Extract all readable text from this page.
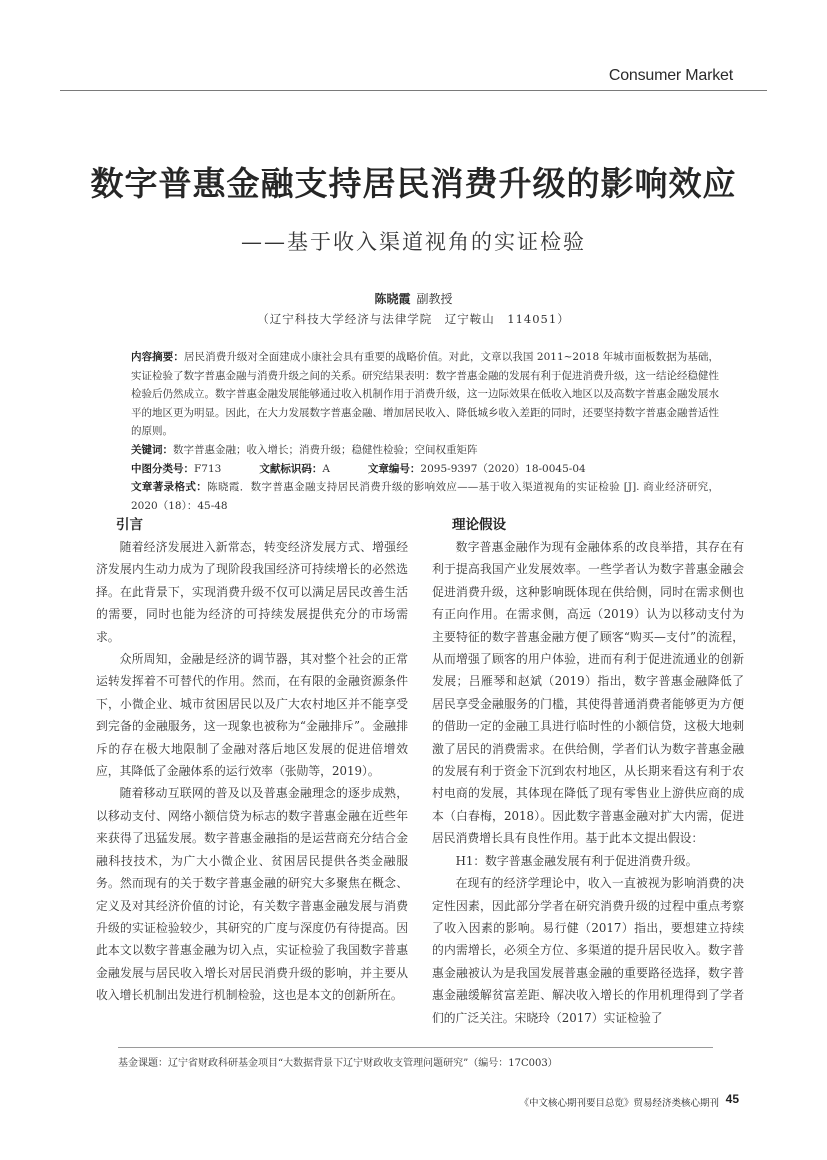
Consumer Market
数字普惠金融支持居民消费升级的影响效应
——基于收入渠道视角的实证检验
陈晓霞 副教授
（辽宁科技大学经济与法律学院　辽宁鞍山　114051）

内容摘要：居民消费升级对全面建成小康社会具有重要的战略价值。对此，文章以我国 2011~2018 年城市面板数据为基础，实证检验了数字普惠金融与消费升级之间的关系。研究结果表明：数字普惠金融的发展有利于促进消费升级，这一结论经稳健性检验后仍然成立。数字普惠金融发展能够通过收入机制作用于消费升级，这一边际效果在低收入地区以及高数字普惠金融发展水平的地区更为明显。因此，在大力发展数字普惠金融、增加居民收入、降低城乡收入差距的同时，还要坚持数字普惠金融普适性的原则。

关键词：数字普惠金融；收入增长；消费升级；稳健性检验；空间权重矩阵

中图分类号：F713	文献标识码：A	文章编号：2095-9397（2020）18-0045-04

文章著录格式：陈晓霞．数字普惠金融支持居民消费升级的影响效应——基于收入渠道视角的实证检验 [J]. 商业经济研究，2020（18）：45-48

引言

随着经济发展进入新常态，转变经济发展方式、增强经济发展内生动力成为了现阶段我国经济可持续增长的必然选择。在此背景下，实现消费升级不仅可以满足居民改善生活的需要，同时也能为经济的可持续发展提供充分的市场需求。

众所周知，金融是经济的调节器，其对整个社会的正常运转发挥着不可替代的作用。然而，在有限的金融资源条件下，小微企业、城市贫困居民以及广大农村地区并不能享受到完备的金融服务，这一现象也被称为“金融排斥”。金融排斥的存在极大地限制了金融对落后地区发展的促进倍增效应，其降低了金融体系的运行效率（张勋等，2019）。

随着移动互联网的普及以及普惠金融理念的逐步成熟，以移动支付、网络小额信贷为标志的数字普惠金融在近些年来获得了迅猛发展。数字普惠金融指的是运营商充分结合金融科技技术，为广大小微企业、贫困居民提供各类金融服务。然而现有的关于数字普惠金融的研究大多聚焦在概念、定义及对其经济价值的讨论，有关数字普惠金融发展与消费升级的实证检验较少，其研究的广度与深度仍有待提高。因此本文以数字普惠金融为切入点，实证检验了我国数字普惠金融发展与居民收入增长对居民消费升级的影响，并主要从收入增长机制出发进行机制检验，这也是本文的创新所在。

理论假设

数字普惠金融作为现有金融体系的改良举措，其存在有利于提高我国产业发展效率。一些学者认为数字普惠金融会促进消费升级，这种影响既体现在供给侧，同时在需求侧也有正向作用。在需求侧，高远（2019）认为以移动支付为主要特征的数字普惠金融方便了顾客“购买—支付”的流程，从而增强了顾客的用户体验，进而有利于促进流通业的创新发展；吕雁琴和赵斌（2019）指出，数字普惠金融降低了居民享受金融服务的门槛，其使得普通消费者能够更为方便的借助一定的金融工具进行临时性的小额信贷，这极大地刺激了居民的消费需求。在供给侧，学者们认为数字普惠金融的发展有利于资金下沉到农村地区，从长期来看这有利于农村电商的发展，其体现在降低了现有零售业上游供应商的成本（白春梅，2018）。因此数字普惠金融对扩大内需，促进居民消费增长具有良性作用。基于此本文提出假设：

H1：数字普惠金融发展有利于促进消费升级。

在现有的经济学理论中，收入一直被视为影响消费的决定性因素，因此部分学者在研究消费升级的过程中重点考察了收入因素的影响。易行健（2017）指出，要想建立持续的内需增长，必须全方位、多渠道的提升居民收入。数字普惠金融被认为是我国发展普惠金融的重要路径选择，数字普惠金融缓解贫富差距、解决收入增长的作用机理得到了学者们的广泛关注。宋晓玲（2017）实证检验了

基金课题：辽宁省财政科研基金项目“大数据背景下辽宁财政收支管理问题研究”（编号：17C003）
《中文核心期刊要目总览》贸易经济类核心期刊 45
